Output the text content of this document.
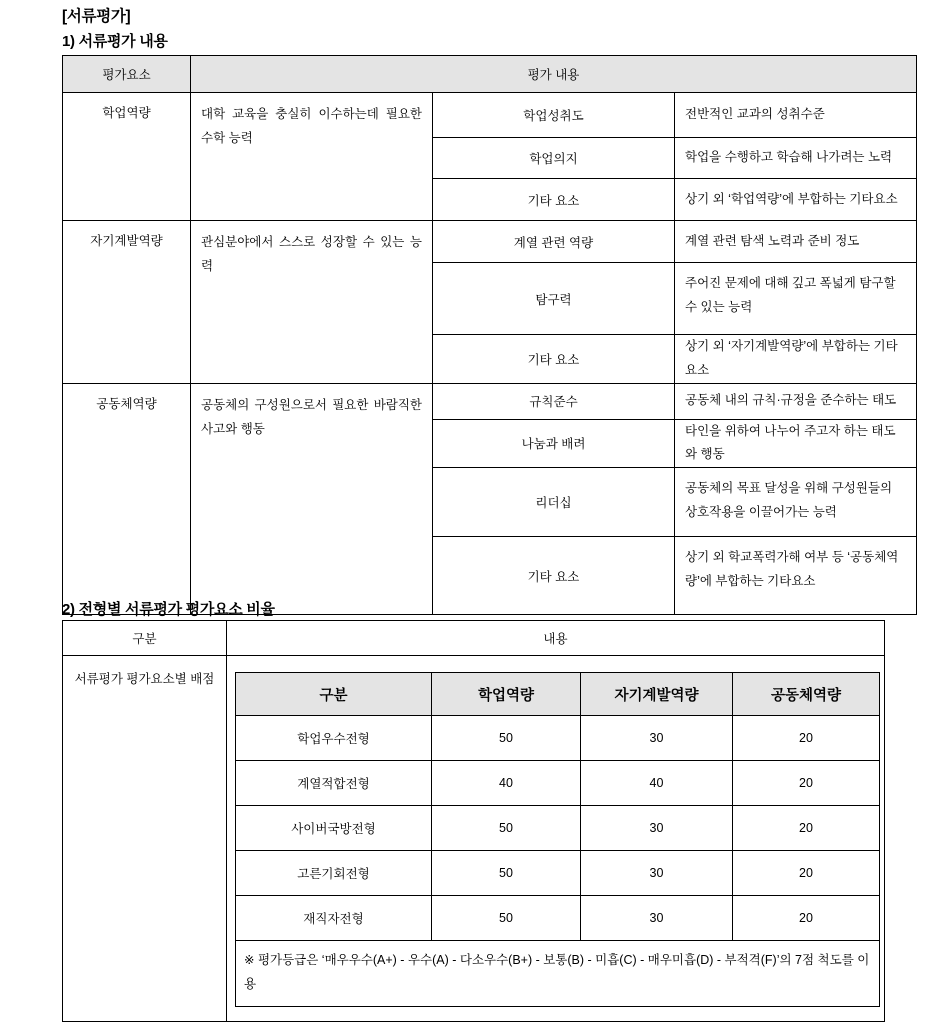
[서류평가]
1) 서류평가 내용
평가요소	평가 내용		
학업역량	대학 교육을 충실히 이수하는데 필요한 수학 능력	학업성취도	전반적인 교과의 성취수준
		학업의지	학업을 수행하고 학습해 나가려는 노력
		기타 요소	상기 외 ‘학업역량’에 부합하는 기타요소
자기계발역량	관심분야에서 스스로 성장할 수 있는 능력	계열 관련 역량	계열 관련 탐색 노력과 준비 정도
		탐구력	주어진 문제에 대해 깊고 폭넓게 탐구할 수 있는 능력
		기타 요소	상기 외 ‘자기계발역량’에 부합하는 기타요소
공동체역량	공동체의 구성원으로서 필요한 바람직한 사고와 행동	규칙준수	공동체 내의 규칙·규정을 준수하는 태도
		나눔과 배려	타인을 위하여 나누어 주고자 하는 태도와 행동
		리더십	공동체의 목표 달성을 위해 구성원들의 상호작용을 이끌어가는 능력
		기타 요소	상기 외 학교폭력가해 여부 등 ‘공동체역량’에 부합하는 기타요소
2) 전형별 서류평가 평가요소 비율
구분	내용
서류평가 평가요소별 배점	
구분	학업역량	자기계발역량	공동체역량
학업우수전형	50	30	20
계열적합전형	40	40	20
사이버국방전형	50	30	20
고른기회전형	50	30	20
재직자전형	50	30	20
※ 평가등급은 ‘매우우수(A+) - 우수(A) - 다소우수(B+) - 보통(B) - 미흡(C) - 매우미흡(D) - 부적격(F)’의 7점 척도를 이용
